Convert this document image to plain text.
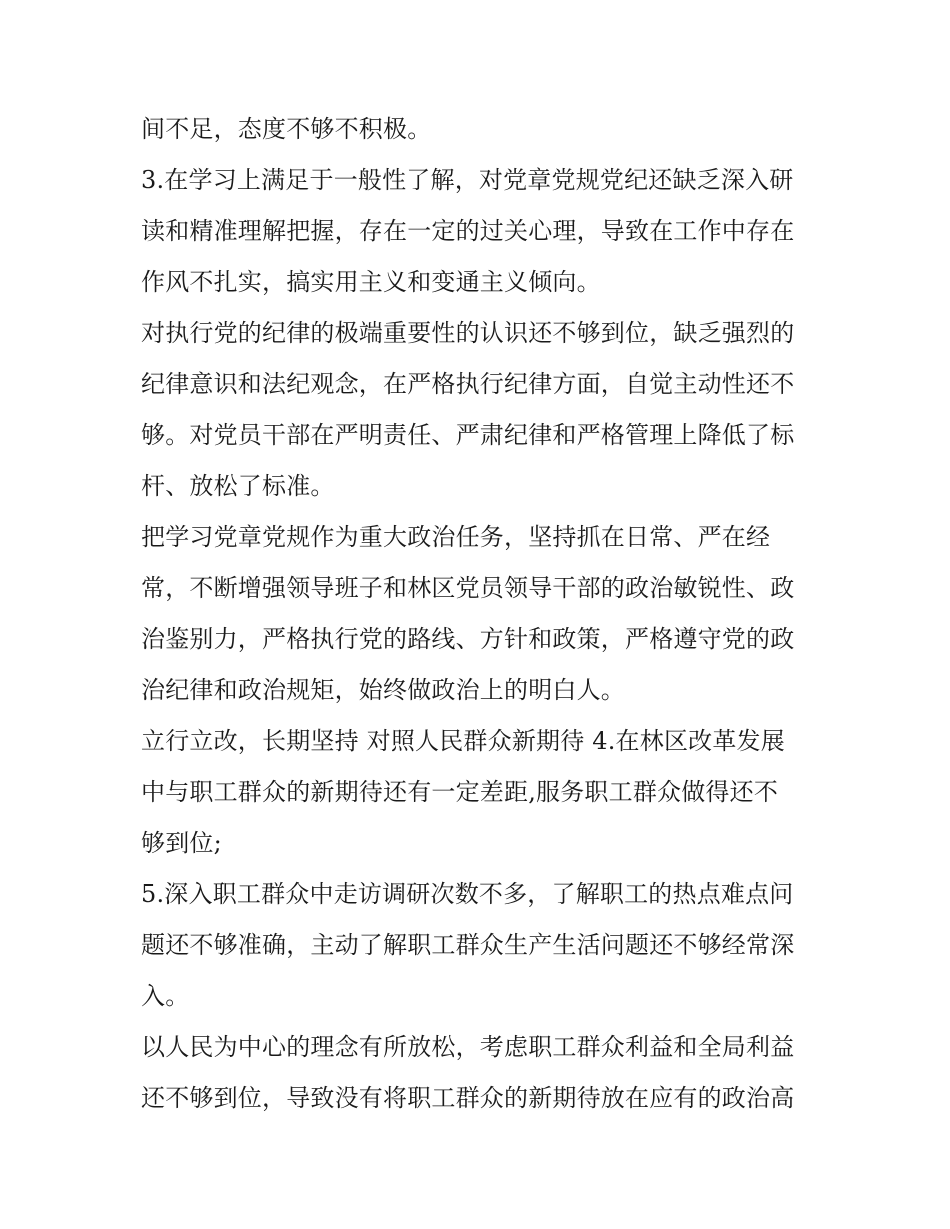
间不足，态度不够不积极。

3.在学习上满足于一般性了解，对党章党规党纪还缺乏深入研
读和精准理解把握，存在一定的过关心理，导致在工作中存在
作风不扎实，搞实用主义和变通主义倾向。

对执行党的纪律的极端重要性的认识还不够到位，缺乏强烈的
纪律意识和法纪观念，在严格执行纪律方面，自觉主动性还不
够。对党员干部在严明责任、严肃纪律和严格管理上降低了标
杆、放松了标准。

把学习党章党规作为重大政治任务，坚持抓在日常、严在经
常，不断增强领导班子和林区党员领导干部的政治敏锐性、政
治鉴别力，严格执行党的路线、方针和政策，严格遵守党的政
治纪律和政治规矩，始终做政治上的明白人。

立行立改，长期坚持 对照人民群众新期待 4.在林区改革发展
中与职工群众的新期待还有一定差距,服务职工群众做得还不
够到位;

5.深入职工群众中走访调研次数不多，了解职工的热点难点问
题还不够准确，主动了解职工群众生产生活问题还不够经常深
入。

以人民为中心的理念有所放松，考虑职工群众利益和全局利益
还不够到位，导致没有将职工群众的新期待放在应有的政治高
